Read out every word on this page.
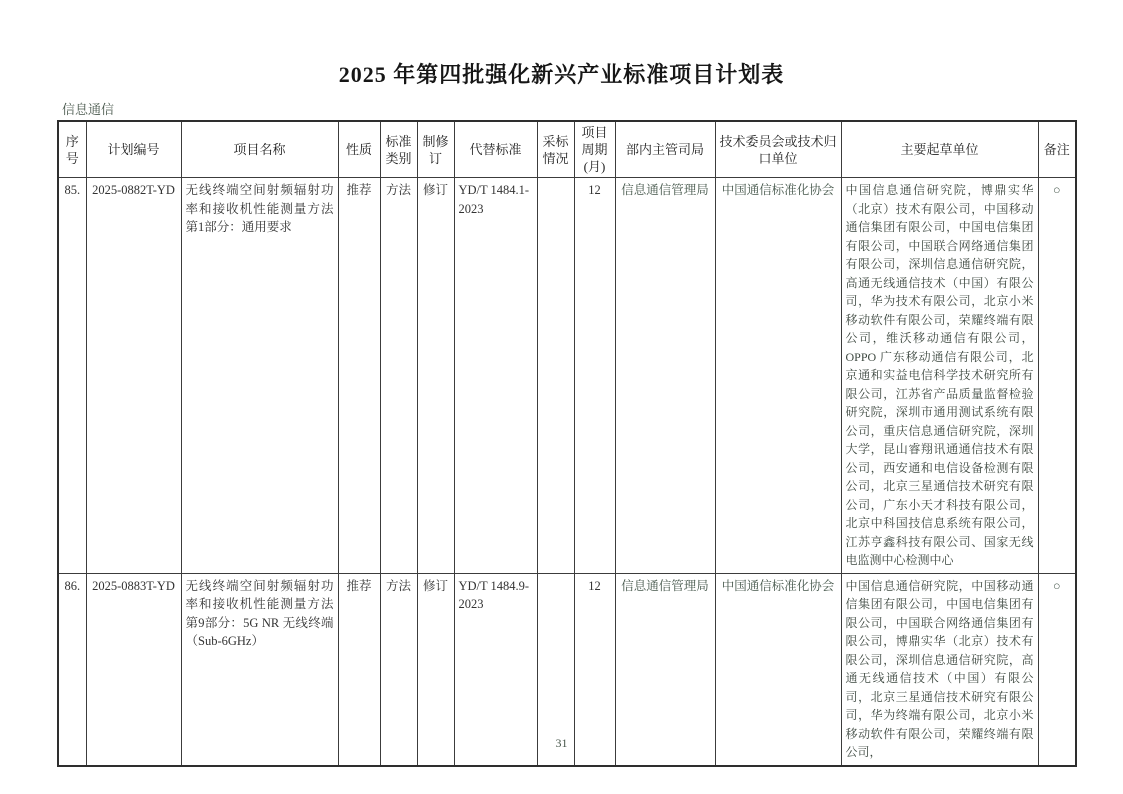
2025 年第四批强化新兴产业标准项目计划表
信息通信
序号	计划编号	项目名称	性质	标准类别	制修订	代替标准	采标情况	项目周期(月)	部内主管司局	技术委员会或技术归口单位	主要起草单位	备注
85.	2025-0882T-YD	无线终端空间射频辐射功率和接收机性能测量方法 第1部分：通用要求	推荐	方法	修订	YD/T 1484.1-2023		12	信息通信管理局	中国通信标准化协会	中国信息通信研究院，博鼎实华（北京）技术有限公司，中国移动通信集团有限公司，中国电信集团有限公司，中国联合网络通信集团有限公司，深圳信息通信研究院，高通无线通信技术（中国）有限公司，华为技术有限公司，北京小米移动软件有限公司，荣耀终端有限公司，维沃移动通信有限公司，OPPO 广东移动通信有限公司，北京通和实益电信科学技术研究所有限公司，江苏省产品质量监督检验研究院，深圳市通用测试系统有限公司，重庆信息通信研究院，深圳大学，昆山睿翔讯通通信技术有限公司，西安通和电信设备检测有限公司，北京三星通信技术研究有限公司，广东小天才科技有限公司，北京中科国技信息系统有限公司，江苏亨鑫科技有限公司、国家无线电监测中心检测中心	○
86.	2025-0883T-YD	无线终端空间射频辐射功率和接收机性能测量方法 第9部分：5G NR 无线终端（Sub-6GHz）	推荐	方法	修订	YD/T 1484.9-2023		12	信息通信管理局	中国通信标准化协会	中国信息通信研究院，中国移动通信集团有限公司，中国电信集团有限公司，中国联合网络通信集团有限公司，博鼎实华（北京）技术有限公司，深圳信息通信研究院，高通无线通信技术（中国）有限公司，北京三星通信技术研究有限公司，华为终端有限公司，北京小米移动软件有限公司，荣耀终端有限公司，	○
31
